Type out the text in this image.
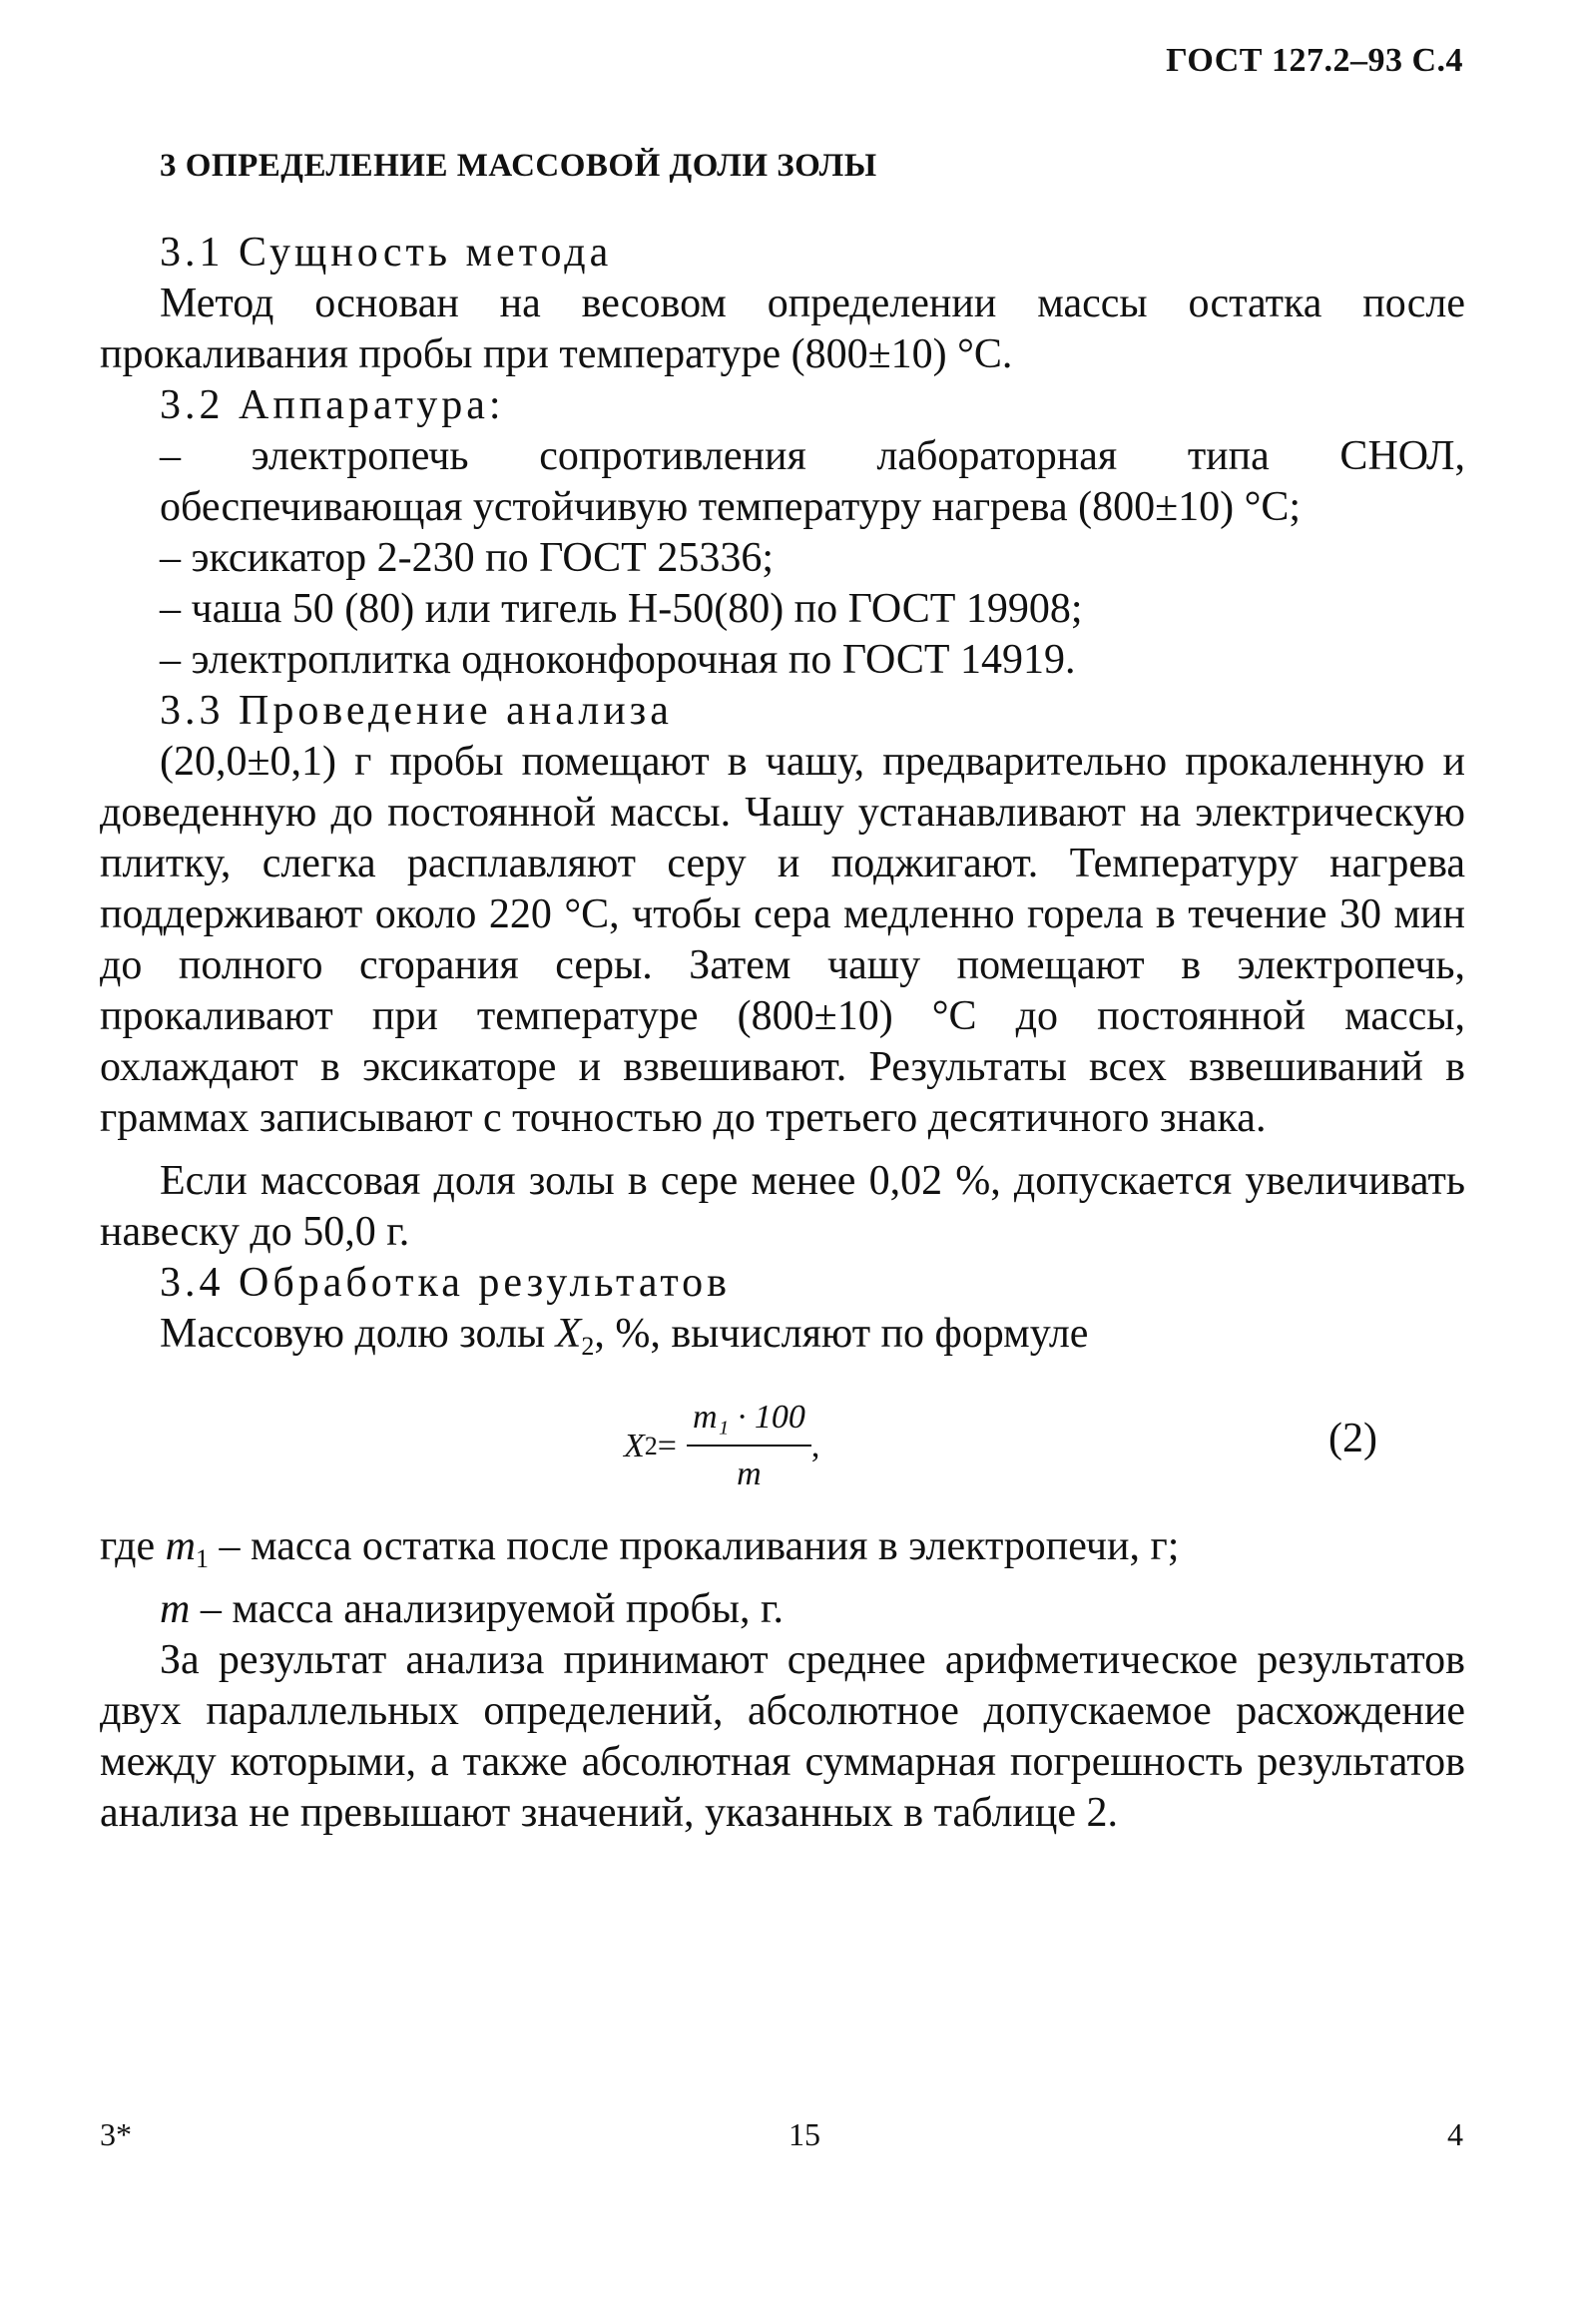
ГОСТ 127.2–93 С.4
3 ОПРЕДЕЛЕНИЕ МАССОВОЙ ДОЛИ ЗОЛЫ

3.1 Сущность метода

Метод основан на весовом определении массы остатка после прокаливания пробы при температуре (800±10) °С.

3.2 Аппаратура:

– электропечь сопротивления лабораторная типа СНОЛ, обеспечивающая устойчивую температуру нагрева (800±10) °С;

– эксикатор 2-230 по ГОСТ 25336;

– чаша 50 (80) или тигель Н-50(80) по ГОСТ 19908;

– электроплитка одноконфорочная по ГОСТ 14919.

3.3 Проведение анализа

(20,0±0,1) г пробы помещают в чашу, предварительно прокаленную и доведенную до постоянной массы. Чашу устанавливают на электрическую плитку, слегка расплавляют серу и поджигают. Температуру нагрева поддерживают около 220 °С, чтобы сера медленно горела в течение 30 мин до полного сгорания серы. Затем чашу помещают в электропечь, прокаливают при температуре (800±10) °С до постоянной массы, охлаждают в эксикаторе и взвешивают. Результаты всех взвешиваний в граммах записывают с точностью до третьего десятичного знака.

Если массовая доля золы в сере менее 0,02 %, допускается увеличивать навеску до 50,0 г.

3.4 Обработка результатов

Массовую долю золы $X_2$, %, вычисляют по формуле

X $2 = \frac{\text{m₁ · 100}}{m}$ ,	(2)

где $m_1$ – масса остатка после прокаливания в электропечи, г;

m – масса анализируемой пробы, г.

За результат анализа принимают среднее арифметическое результатов двух параллельных определений, абсолютное допускаемое расхождение между которыми, а также абсолютная суммарная погрешность результатов анализа не превышают значений, указанных в таблице 2.

3*	15	4
